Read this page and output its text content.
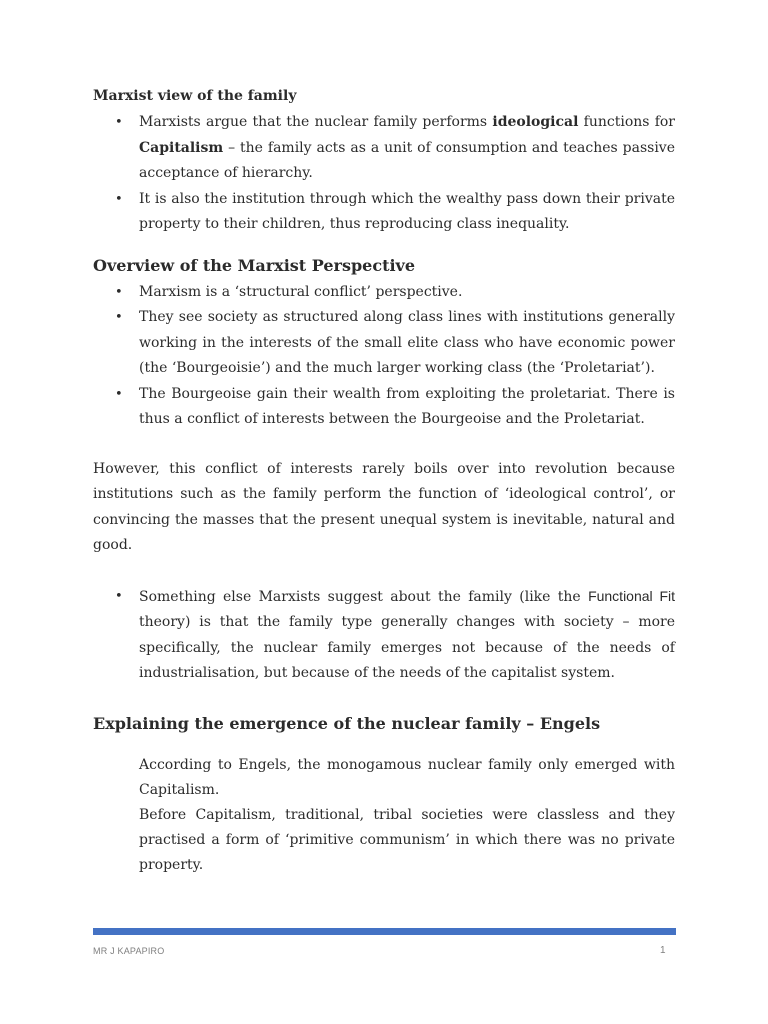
Marxist view of the family
• Marxists argue that the nuclear family performs ideological functions for Capitalism – the family acts as a unit of consumption and teaches passive acceptance of hierarchy.
• It is also the institution through which the wealthy pass down their private property to their children, thus reproducing class inequality.
Overview of the Marxist Perspective
• Marxism is a ‘structural conflict’ perspective.
• They see society as structured along class lines with institutions generally working in the interests of the small elite class who have economic power (the ‘Bourgeoisie’) and the much larger working class (the ‘Proletariat’).
• The Bourgeoise gain their wealth from exploiting the proletariat. There is thus a conflict of interests between the Bourgeoise and the Proletariat.

However, this conflict of interests rarely boils over into revolution because institutions such as the family perform the function of ‘ideological control’, or convincing the masses that the present unequal system is inevitable, natural and good.

• Something else Marxists suggest about the family (like the Functional Fit theory) is that the family type generally changes with society – more specifically, the nuclear family emerges not because of the needs of industrialisation, but because of the needs of the capitalist system.
Explaining the emergence of the nuclear family – Engels

According to Engels, the monogamous nuclear family only emerged with Capitalism.

Before Capitalism, traditional, tribal societies were classless and they practised a form of ‘primitive communism’ in which there was no private property.

MR J KAPAPIRO	1
